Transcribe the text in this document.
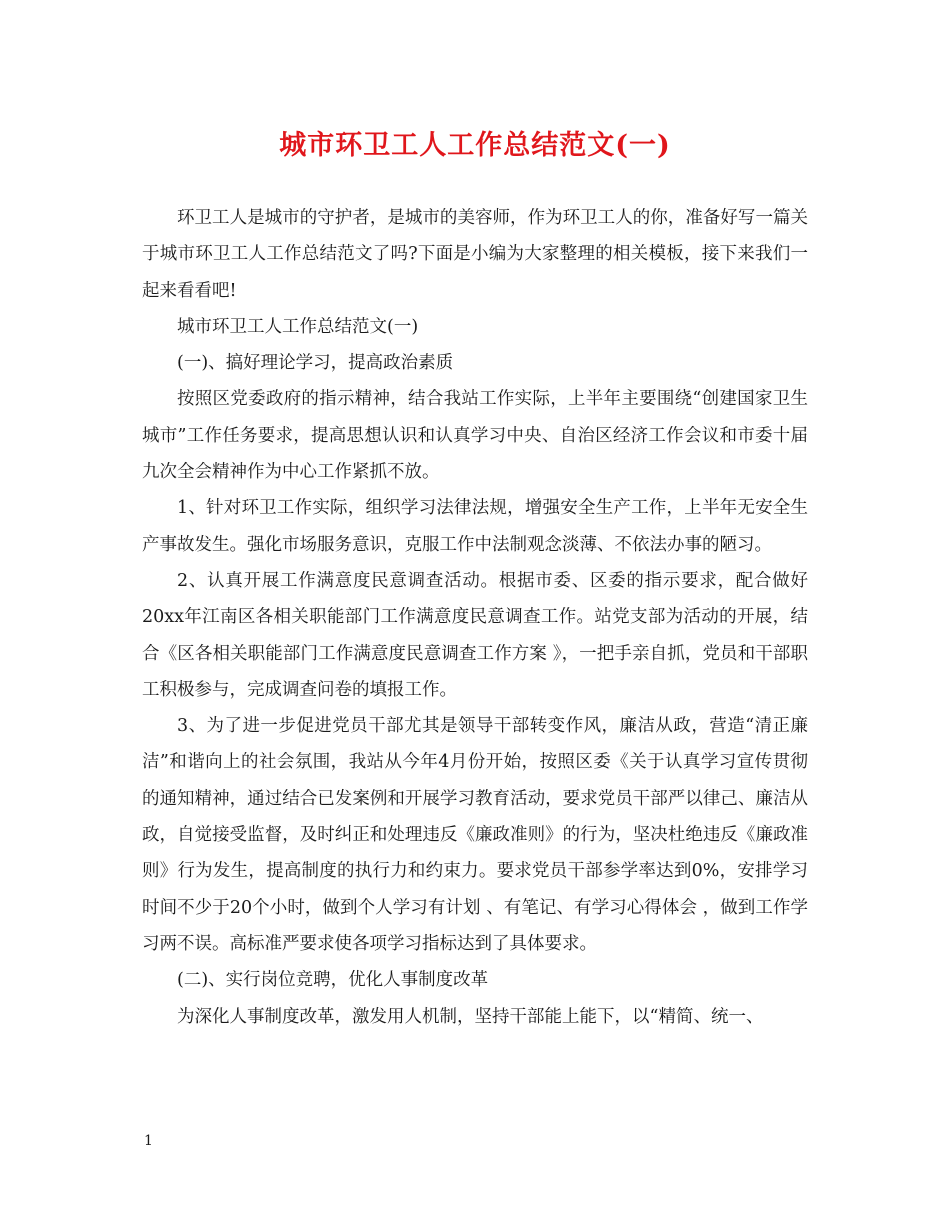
城市环卫工人工作总结范文(一)

环卫工人是城市的守护者，是城市的美容师，作为环卫工人的你，准备好写一篇关于城市环卫工人工作总结范文了吗?下面是小编为大家整理的相关模板，接下来我们一起来看看吧!

城市环卫工人工作总结范文(一)

(一)、搞好理论学习，提高政治素质

按照区党委政府的指示精神，结合我站工作实际，上半年主要围绕“创建国家卫生城市”工作任务要求，提高思想认识和认真学习中央、自治区经济工作会议和市委十届九次全会精神作为中心工作紧抓不放。

1、针对环卫工作实际，组织学习法律法规，增强安全生产工作，上半年无安全生产事故发生。强化市场服务意识，克服工作中法制观念淡薄、不依法办事的陋习。

2、认真开展工作满意度民意调查活动。根据市委、区委的指示要求，配合做好20xx年江南区各相关职能部门工作满意度民意调查工作。站党支部为活动的开展，结合《区各相关职能部门工作满意度民意调查工作方案 》，一把手亲自抓，党员和干部职工积极参与，完成调查问卷的填报工作。

3、为了进一步促进党员干部尤其是领导干部转变作风，廉洁从政，营造“清正廉洁”和谐向上的社会氛围，我站从今年4月份开始，按照区委《关于认真学习宣传贯彻的通知精神，通过结合已发案例和开展学习教育活动，要求党员干部严以律己、廉洁从政，自觉接受监督，及时纠正和处理违反《廉政准则》的行为，坚决杜绝违反《廉政准则》行为发生，提高制度的执行力和约束力。要求党员干部参学率达到0%，安排学习时间不少于20个小时，做到个人学习有计划 、有笔记、有学习心得体会 ，做到工作学习两不误。高标准严要求使各项学习指标达到了具体要求。

(二)、实行岗位竞聘，优化人事制度改革

为深化人事制度改革，激发用人机制，坚持干部能上能下，以“精简、统一、

1
